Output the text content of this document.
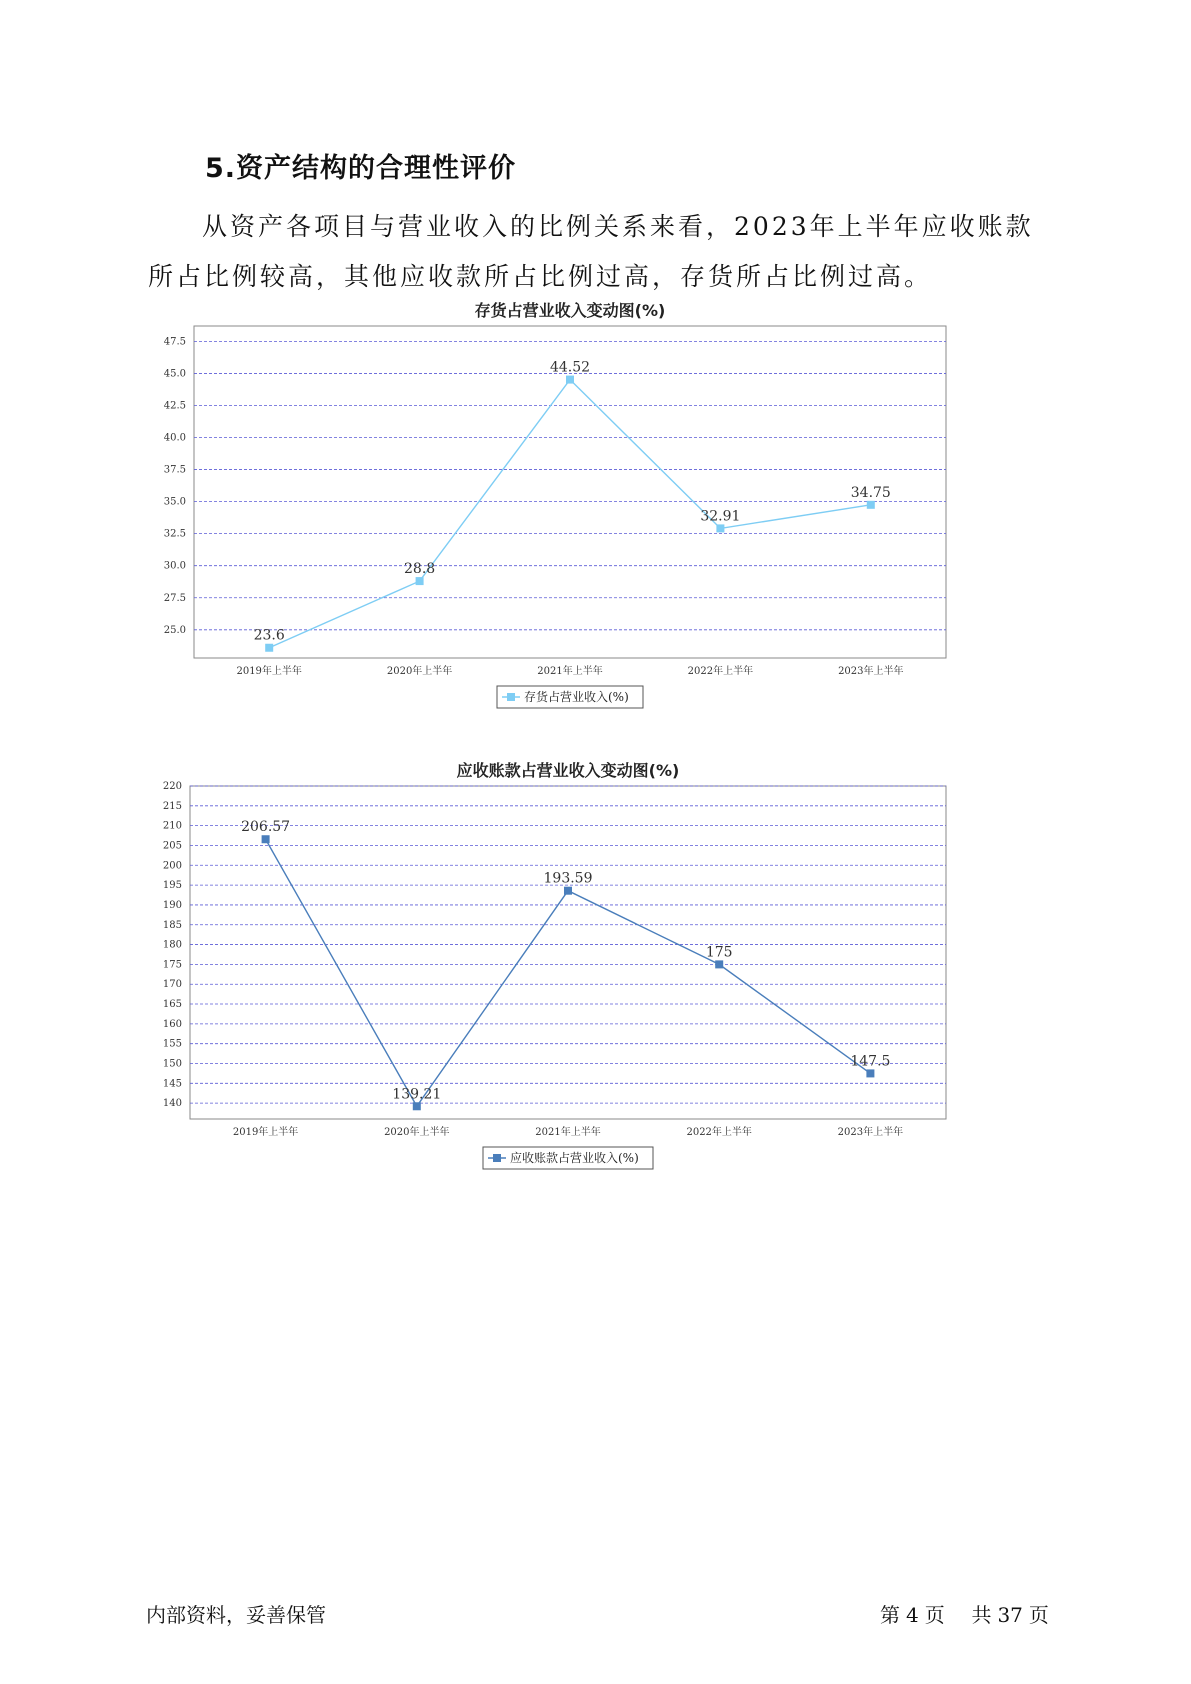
5.资产结构的合理性评价

从资产各项目与营业收入的比例关系来看，2023年上半年应收账款所占比例较高，其他应收款所占比例过高，存货所占比例过高。

存货占营业收入变动图(%)
25.0
27.5
30.0
32.5
35.0
37.5
40.0
42.5
45.0
47.5
2019年上半年	2020年上半年	2021年上半年	2022年上半年	2023年上半年
23.6
28.8
44.52
32.91
34.75
存货占营业收入(%)
应收账款占营业收入变动图(%)
140
145
150
155
160
165
170
175
180
185
190
195
200
205
210
215
220
2019年上半年	2020年上半年	2021年上半年	2022年上半年	2023年上半年
206.57
139.21
193.59
175
147.5
应收账款占营业收入(%)
内部资料，妥善保管	第 4 页 共 37 页
